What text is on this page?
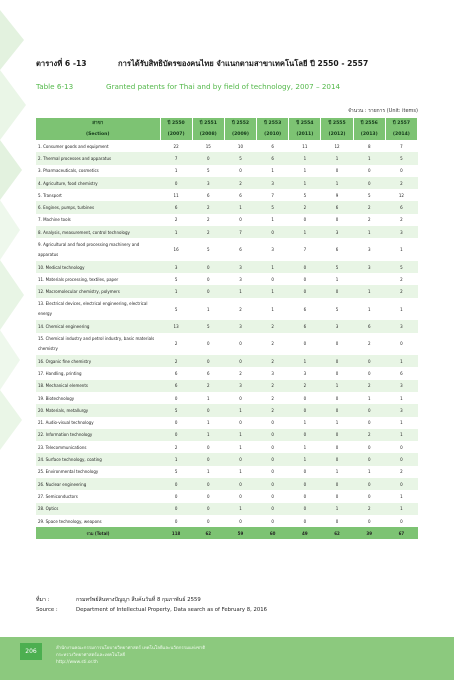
ตารางที่ 6 -13	การได้รับสิทธิบัตรของคนไทย จำแนกตามสาขาเทคโนโลยี ปี 2550 - 2557
Table 6-13	Granted patents for Thai and by field of technology, 2007 – 2014
จำนวน : รายการ (Unit: items)
สาขา	ปี 2550	ปี 2551	ปี 2552	ปี 2553	ปี 2554	ปี 2555	ปี 2556	ปี 2557
(Section)	(2007)	(2008)	(2009)	(2010)	(2011)	(2012)	(2013)	(2014)
1. Consumer goods and equipment	22	15	10	6	11	12	8	7
2. Thermal processes and apparatus	7	0	5	6	1	1	1	5
3. Pharmaceuticals, cosmetics	1	5	0	1	1	0	0	0
4. Agriculture, food chemistry	0	3	2	3	1	1	0	2
5. Transport	11	6	6	7	5	9	5	12
6. Engines, pumps, turbines	6	2	1	5	2	6	2	6
7. Machine tools	2	2	0	1	0	0	2	2
8. Analysis, measurement, control technology	1	2	7	0	1	3	1	3
9. Agricultural and food processing machinery and apparatus	16	5	6	3	7	6	3	1
10. Medical technology	3	0	3	1	0	5	3	5
11. Materials processing, textiles, paper	5	0	3	0	0	1		2
12. Macromolecular chemistry, polymers	1	0	1	1	0	0	1	2
13. Electrical devices, electrical engineering, electrical energy	5	1	2	1	6	5	1	1
14. Chemical engineering	13	5	3	2	6	3	6	3
15. Chemical industry and petrol industry, basic materials chemistry	2	0	0	2	0	0	2	0
16. Organic fine chemistry	2	0	0	2	1	0	0	1
17. Handling, printing	6	6	2	3	3	0	0	6
18. Mechanical elements	6	2	3	2	2	1	2	3
19. Biotechnology	0	1	0	2	0	0	1	1
20. Materials, metallurgy	5	0	1	2	0	0	0	3
21. Audio-visual technology	0	1	0	0	1	1	0	1
22. Information technology	0	1	1	0	0	0	2	1
23. Telecommunications	2	0	1	0	1	0	0	0
24. Surface technology, coating	1	0	0	0	1	0	0	0
25. Environmental technology	5	1	1	0	0	1	1	2
26. Nuclear engineering	0	0	0	0	0	0	0	0
27. Semiconductors	0	0	0	0	0	0	0	1
28. Optics	0	0	1	0	0	1	2	1
29. Space technology, weapons	0	0	0	0	0	0	0	0
รวม (Total)	118	62	59	60	49	62	39	67
ที่มา :	กรมทรัพย์สินทางปัญญา สืบค้นวันที่ 8 กุมภาพันธ์ 2559
Source :	Department of Intellectual Property, Data search as of February 8, 2016
206	สำนักงานคณะกรรมการนโยบายวิทยาศาสตร์ เทคโนโลยีและนวัตกรรมแห่งชาติ
กระทรวงวิทยาศาสตร์และเทคโนโลยี
http://www.sti.or.th
